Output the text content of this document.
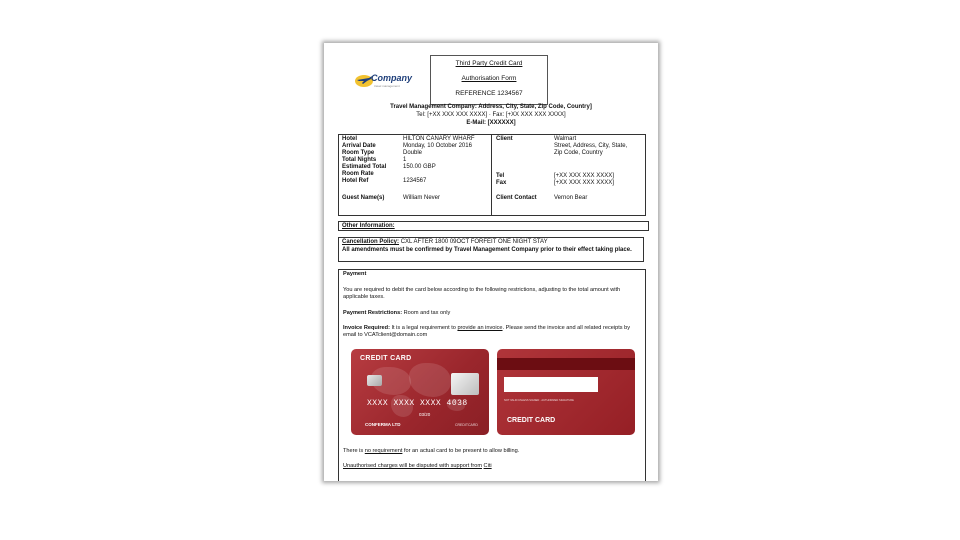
Company
travel management
Third Party Credit Card
Authorisation Form
REFERENCE 1234567
Travel Management Company: Address, City, State, Zip Code, Country]
Tel: [+XX XXX XXX XXXX] · Fax: [+XX XXX XXX XXXX]
E-Mail: [XXXXXX]
Hotel	HILTON CANARY WHARF
Arrival Date	Monday, 10 October 2016
Room Type	Double
Total Nights	1
Estimated Total	150.00 GBP
Room Rate
Hotel Ref	1234567
Guest Name(s)	William Never
Client	Walmart
Street, Address, City, State,
Zip Code, Country
Tel	[+XX XXX XXX XXXX]
Fax	[+XX XXX XXX XXXX]
Client Contact	Vernon Bear
Other Information:
Cancellation Policy: CXL AFTER 1800 09OCT FORFEIT ONE NIGHT STAY
All amendments must be confirmed by Travel Management Company prior to their effect taking place.

Payment

You are required to debit the card below according to the following restrictions, adjusting to the total amount with applicable taxes.

Payment Restrictions: Room and tax only

Invoice Required: It is a legal requirement to provide an invoice. Please send the invoice and all related receipts by email to VCATclient@domain.com

CREDIT CARD
XXXX XXXX XXXX 4038
03/20
CONFERMA LTD	CREDITCARD
NOT VALID UNLESS SIGNED · AUTHORIZED SIGNATURE
CREDIT CARD

There is no requirement for an actual card to be present to allow billing.

Unauthorised charges will be disputed with support from Citi
